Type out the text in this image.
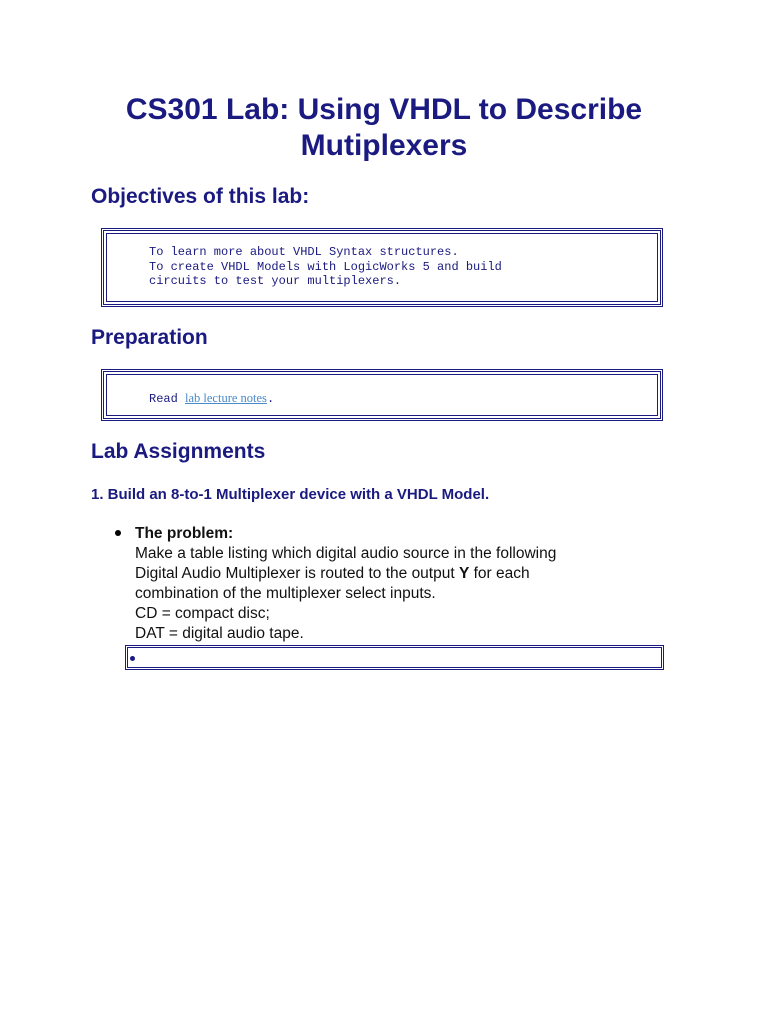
CS301 Lab: Using VHDL to Describe
Mutiplexers
Objectives of this lab:
To learn more about VHDL Syntax structures.
To create VHDL Models with LogicWorks 5 and build
circuits to test your multiplexers.
Preparation
Read lab lecture notes.
Lab Assignments
1. Build an 8-to-1 Multiplexer device with a VHDL Model.
The problem:
Make a table listing which digital audio source in the following
Digital Audio Multiplexer is routed to the output Y for each
combination of the multiplexer select inputs.
CD = compact disc;
DAT = digital audio tape.
